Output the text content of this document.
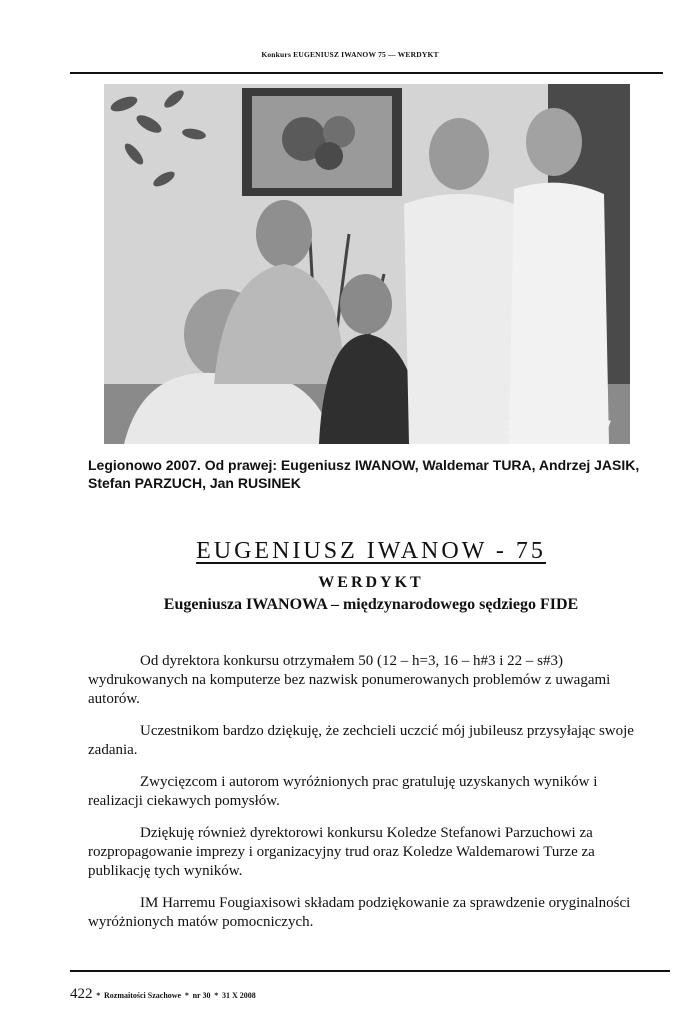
Konkurs EUGENIUSZ IWANOW 75 — WERDYKT
30 6 2007
Legionowo 2007. Od prawej: Eugeniusz IWANOW, Waldemar TURA, Andrzej JASIK, Stefan PARZUCH, Jan RUSINEK
EUGENIUSZ IWANOW - 75
WERDYKT
Eugeniusza IWANOWA – międzynarodowego sędziego FIDE

Od dyrektora konkursu otrzymałem 50 (12 – h=3, 16 – h#3 i 22 – s#3) wydrukowanych na komputerze bez nazwisk ponumerowanych problemów z uwagami autorów.

Uczestnikom bardzo dziękuję, że zechcieli uczcić mój jubileusz przysyłając swoje zadania.

Zwycięzcom i autorom wyróżnionych prac gratuluję uzyskanych wyników i realizacji ciekawych pomysłów.

Dziękuję również dyrektorowi konkursu Koledze Stefanowi Parzuchowi za rozpropagowanie imprezy i organizacyjny trud oraz Koledze Waldemarowi Turze za publikację tych wyników.

IM Harremu Fougiaxisowi składam podziękowanie za sprawdzenie oryginalności wyróżnionych matów pomocniczych.

422 * Rozmaitości Szachowe * nr 30 * 31 X 2008
